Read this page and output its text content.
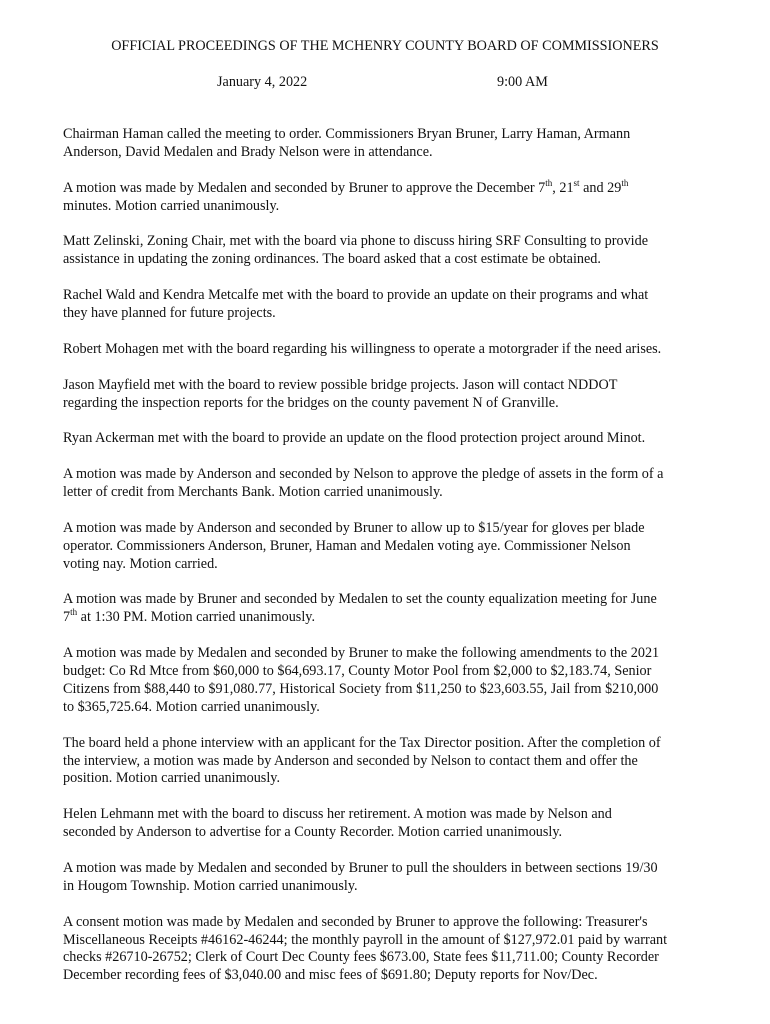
OFFICIAL PROCEEDINGS OF THE MCHENRY COUNTY BOARD OF COMMISSIONERS
January 4, 2022	9:00 AM

Chairman Haman called the meeting to order. Commissioners Bryan Bruner, Larry Haman, Armann
Anderson, David Medalen and Brady Nelson were in attendance.

A motion was made by Medalen and seconded by Bruner to approve the December 7th, 21st and 29th
minutes. Motion carried unanimously.

Matt Zelinski, Zoning Chair, met with the board via phone to discuss hiring SRF Consulting to provide
assistance in updating the zoning ordinances. The board asked that a cost estimate be obtained.

Rachel Wald and Kendra Metcalfe met with the board to provide an update on their programs and what
they have planned for future projects.

Robert Mohagen met with the board regarding his willingness to operate a motorgrader if the need arises.

Jason Mayfield met with the board to review possible bridge projects. Jason will contact NDDOT
regarding the inspection reports for the bridges on the county pavement N of Granville.

Ryan Ackerman met with the board to provide an update on the flood protection project around Minot.

A motion was made by Anderson and seconded by Nelson to approve the pledge of assets in the form of a
letter of credit from Merchants Bank. Motion carried unanimously.

A motion was made by Anderson and seconded by Bruner to allow up to $15/year for gloves per blade
operator. Commissioners Anderson, Bruner, Haman and Medalen voting aye. Commissioner Nelson
voting nay. Motion carried.

A motion was made by Bruner and seconded by Medalen to set the county equalization meeting for June
7th at 1:30 PM. Motion carried unanimously.

A motion was made by Medalen and seconded by Bruner to make the following amendments to the 2021
budget: Co Rd Mtce from $60,000 to $64,693.17, County Motor Pool from $2,000 to $2,183.74, Senior
Citizens from $88,440 to $91,080.77, Historical Society from $11,250 to $23,603.55, Jail from $210,000
to $365,725.64. Motion carried unanimously.

The board held a phone interview with an applicant for the Tax Director position. After the completion of
the interview, a motion was made by Anderson and seconded by Nelson to contact them and offer the
position. Motion carried unanimously.

Helen Lehmann met with the board to discuss her retirement. A motion was made by Nelson and
seconded by Anderson to advertise for a County Recorder. Motion carried unanimously.

A motion was made by Medalen and seconded by Bruner to pull the shoulders in between sections 19/30
in Hougom Township. Motion carried unanimously.

A consent motion was made by Medalen and seconded by Bruner to approve the following: Treasurer's
Miscellaneous Receipts #46162-46244; the monthly payroll in the amount of $127,972.01 paid by warrant
checks #26710-26752; Clerk of Court Dec County fees $673.00, State fees $11,711.00; County Recorder
December recording fees of $3,040.00 and misc fees of $691.80; Deputy reports for Nov/Dec.
